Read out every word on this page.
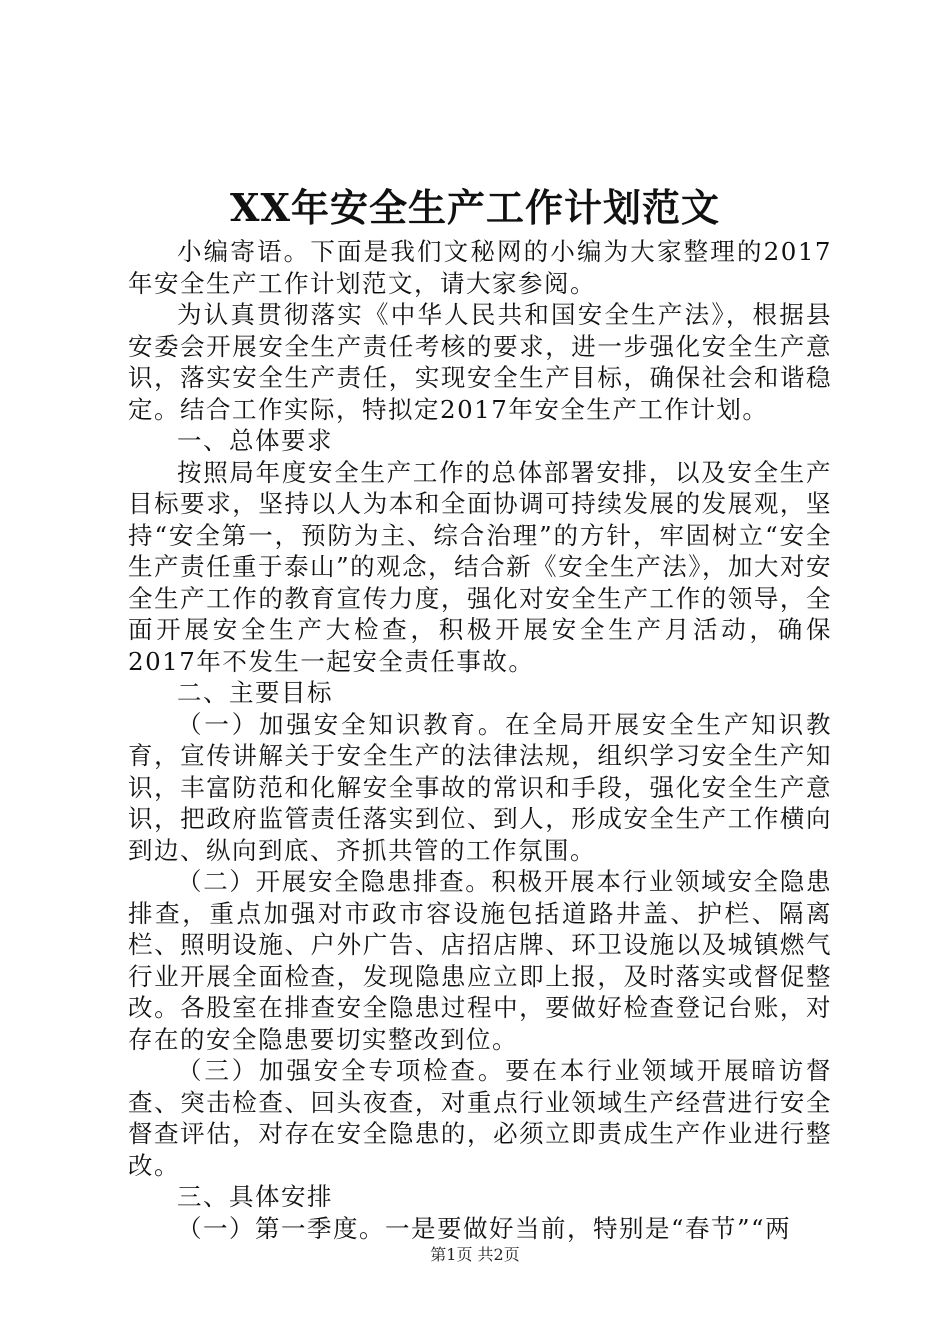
XX年安全生产工作计划范文

小编寄语。下面是我们文秘网的小编为大家整理的2017年安全生产工作计划范文，请大家参阅。

为认真贯彻落实《中华人民共和国安全生产法》，根据县安委会开展安全生产责任考核的要求，进一步强化安全生产意识，落实安全生产责任，实现安全生产目标，确保社会和谐稳定。结合工作实际，特拟定2017年安全生产工作计划。

一、总体要求

按照局年度安全生产工作的总体部署安排，以及安全生产目标要求，坚持以人为本和全面协调可持续发展的发展观，坚持“安全第一，预防为主、综合治理”的方针，牢固树立“安全生产责任重于泰山”的观念，结合新《安全生产法》，加大对安全生产工作的教育宣传力度，强化对安全生产工作的领导，全面开展安全生产大检查，积极开展安全生产月活动，确保2017年不发生一起安全责任事故。

二、主要目标

（一）加强安全知识教育。在全局开展安全生产知识教育，宣传讲解关于安全生产的法律法规，组织学习安全生产知识，丰富防范和化解安全事故的常识和手段，强化安全生产意识，把政府监管责任落实到位、到人，形成安全生产工作横向到边、纵向到底、齐抓共管的工作氛围。

（二）开展安全隐患排查。积极开展本行业领域安全隐患排查，重点加强对市政市容设施包括道路井盖、护栏、隔离栏、照明设施、户外广告、店招店牌、环卫设施以及城镇燃气行业开展全面检查，发现隐患应立即上报，及时落实或督促整改。各股室在排查安全隐患过程中，要做好检查登记台账，对存在的安全隐患要切实整改到位。

（三）加强安全专项检查。要在本行业领域开展暗访督查、突击检查、回头夜查，对重点行业领域生产经营进行安全督查评估，对存在安全隐患的，必须立即责成生产作业进行整改。

三、具体安排

（一）第一季度。一是要做好当前，特别是“春节”“两

第1页 共2页
